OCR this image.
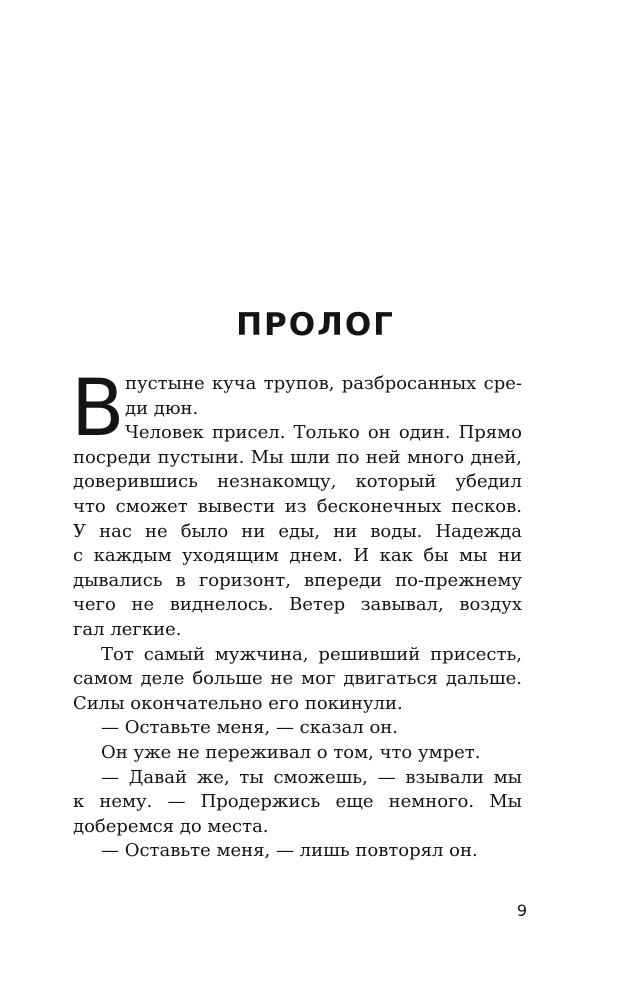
ПРОЛОГ
В пустыне куча трупов, разбросанных сре-
ди дюн.
Человек присел. Только он один. Прямо
посреди пустыни. Мы шли по ней много дней,
доверившись незнакомцу, который убедил
что сможет вывести из бесконечных песков.
У нас не было ни еды, ни воды. Надежда
с каждым уходящим днем. И как бы мы ни
дывались в горизонт, впереди по-прежнему
чего не виднелось. Ветер завывал, воздух
гал легкие.
Тот самый мужчина, решивший присесть,
самом деле больше не мог двигаться дальше.
Силы окончательно его покинули.
— Оставьте меня, — сказал он.
Он уже не переживал о том, что умрет.
— Давай же, ты сможешь, — взывали мы
к нему. — Продержись еще немного. Мы
доберемся до места.
— Оставьте меня, — лишь повторял он.
9
